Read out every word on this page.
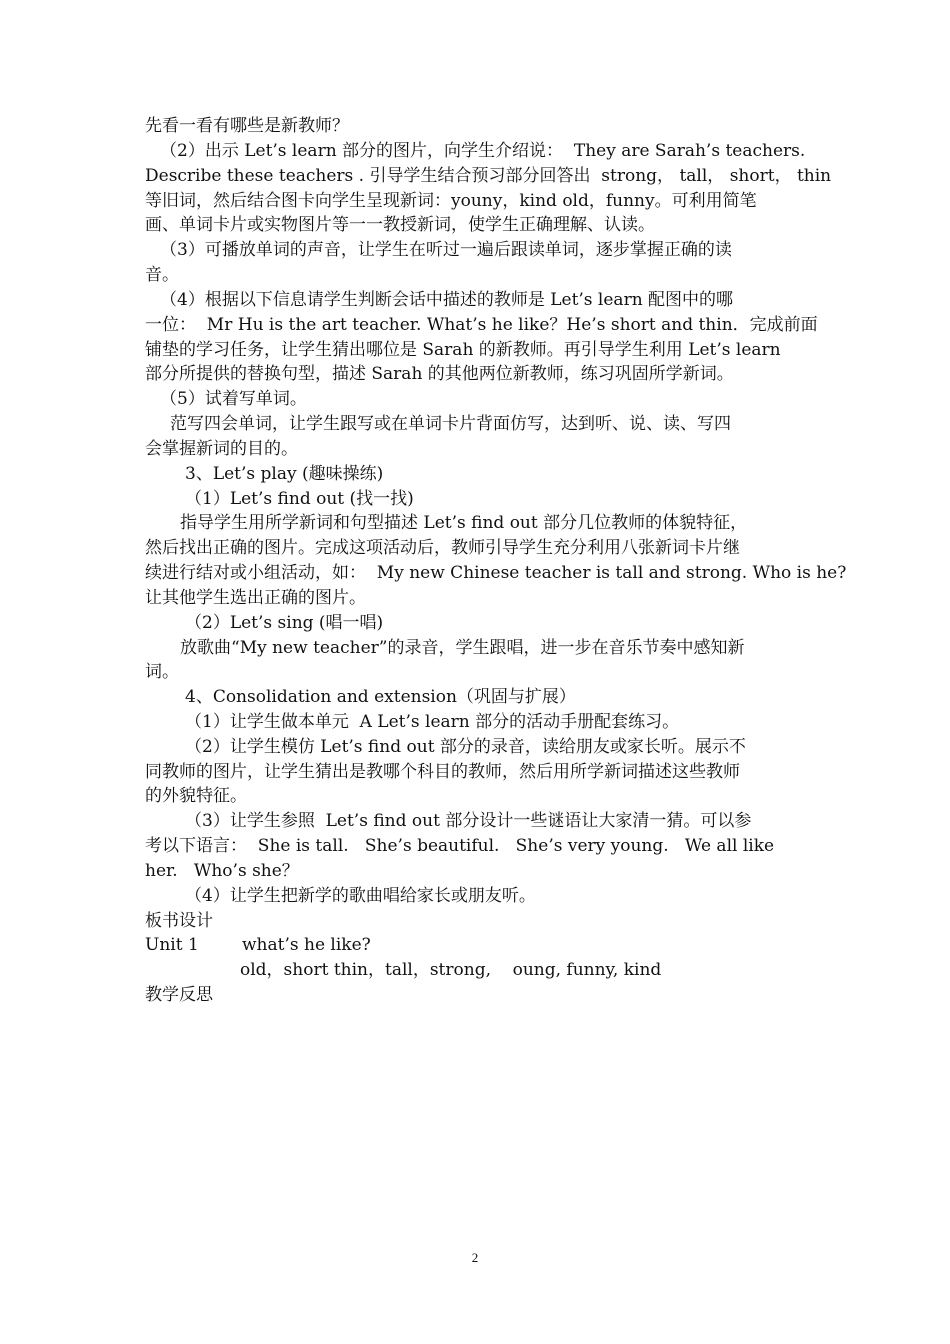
先看一看有哪些是新教师？
（2）出示 Let’s learn 部分的图片，向学生介绍说：  They are Sarah’s teachers.
Describe these teachers . 引导学生结合预习部分回答出  strong， tall， short， thin
等旧词，然后结合图卡向学生呈现新词：youny，kind old，funny。可利用简笔
画、单词卡片或实物图片等一一教授新词，使学生正确理解、认读。
（3）可播放单词的声音，让学生在听过一遍后跟读单词，逐步掌握正确的读
音。
（4）根据以下信息请学生判断会话中描述的教师是 Let’s learn 配图中的哪
一位：  Mr Hu is the art teacher. What’s he like？He’s short and thin．完成前面
铺垫的学习任务，让学生猜出哪位是 Sarah 的新教师。再引导学生利用 Let’s learn
部分所提供的替换句型，描述 Sarah 的其他两位新教师，练习巩固所学新词。
（5）试着写单词。
范写四会单词，让学生跟写或在单词卡片背面仿写，达到听、说、读、写四
会掌握新词的目的。
3、Let’s play (趣味操练)
（1）Let’s find out (找一找)
指导学生用所学新词和句型描述 Let’s find out 部分几位教师的体貌特征，
然后找出正确的图片。完成这项活动后，教师引导学生充分利用八张新词卡片继
续进行结对或小组活动，如：  My new Chinese teacher is tall and strong. Who is he?
让其他学生选出正确的图片。
（2）Let’s sing (唱一唱)
放歌曲“My new teacher”的录音，学生跟唱，进一步在音乐节奏中感知新
词。
4、Consolidation and extension（巩固与扩展）
（1）让学生做本单元  A Let’s learn 部分的活动手册配套练习。
（2）让学生模仿 Let’s find out 部分的录音，读给朋友或家长听。展示不
同教师的图片，让学生猜出是教哪个科目的教师，然后用所学新词描述这些教师
的外貌特征。
（3）让学生参照  Let’s find out 部分设计一些谜语让大家清一猜。可以参
考以下语言：  She is tall.   She’s beautiful.   She’s very young.   We all like
her.   Who’s she？
（4）让学生把新学的歌曲唱给家长或朋友听。
板书设计
Unit 1        what’s he like?
old，short thin，tall，strong,    oung, funny, kind
教学反思
2
